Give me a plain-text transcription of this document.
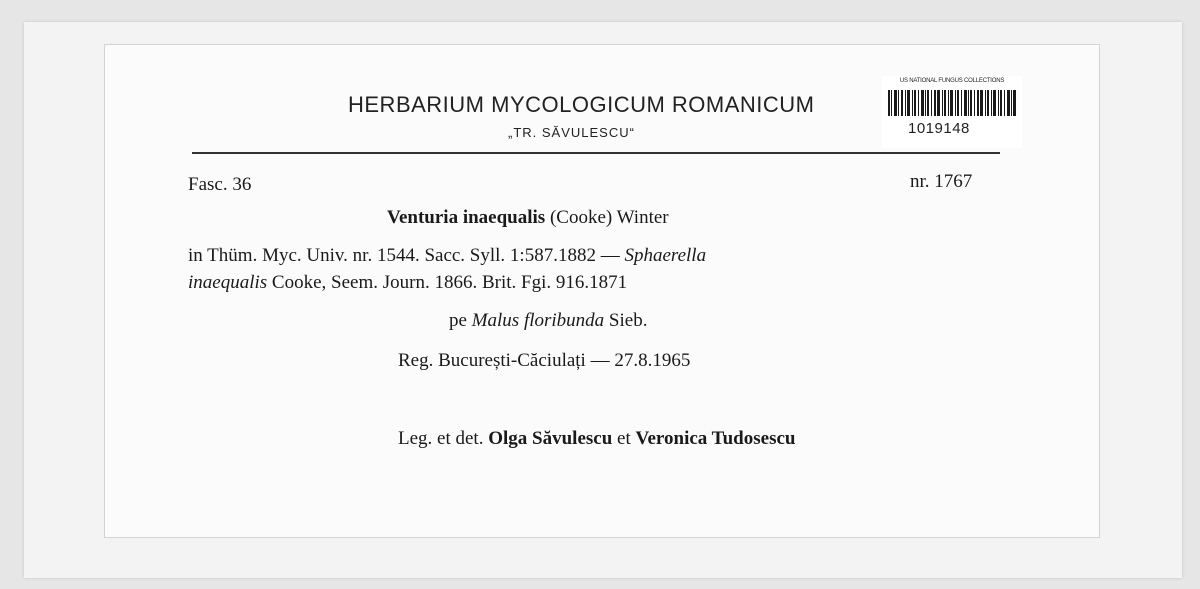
HERBARIUM MYCOLOGICUM ROMANICUM
„TR. SĂVULESCU“
US NATIONAL FUNGUS COLLECTIONS
1019148
Fasc. 36	nr. 1767
Venturia inaequalis (Cooke) Winter
in Thüm. Myc. Univ. nr. 1544. Sacc. Syll. 1:587.1882 — Sphaerella
inaequalis Cooke, Seem. Journ. 1866. Brit. Fgi. 916.1871
pe Malus floribunda Sieb.
Reg. București-Căciulați — 27.8.1965
Leg. et det. Olga Săvulescu et Veronica Tudosescu
